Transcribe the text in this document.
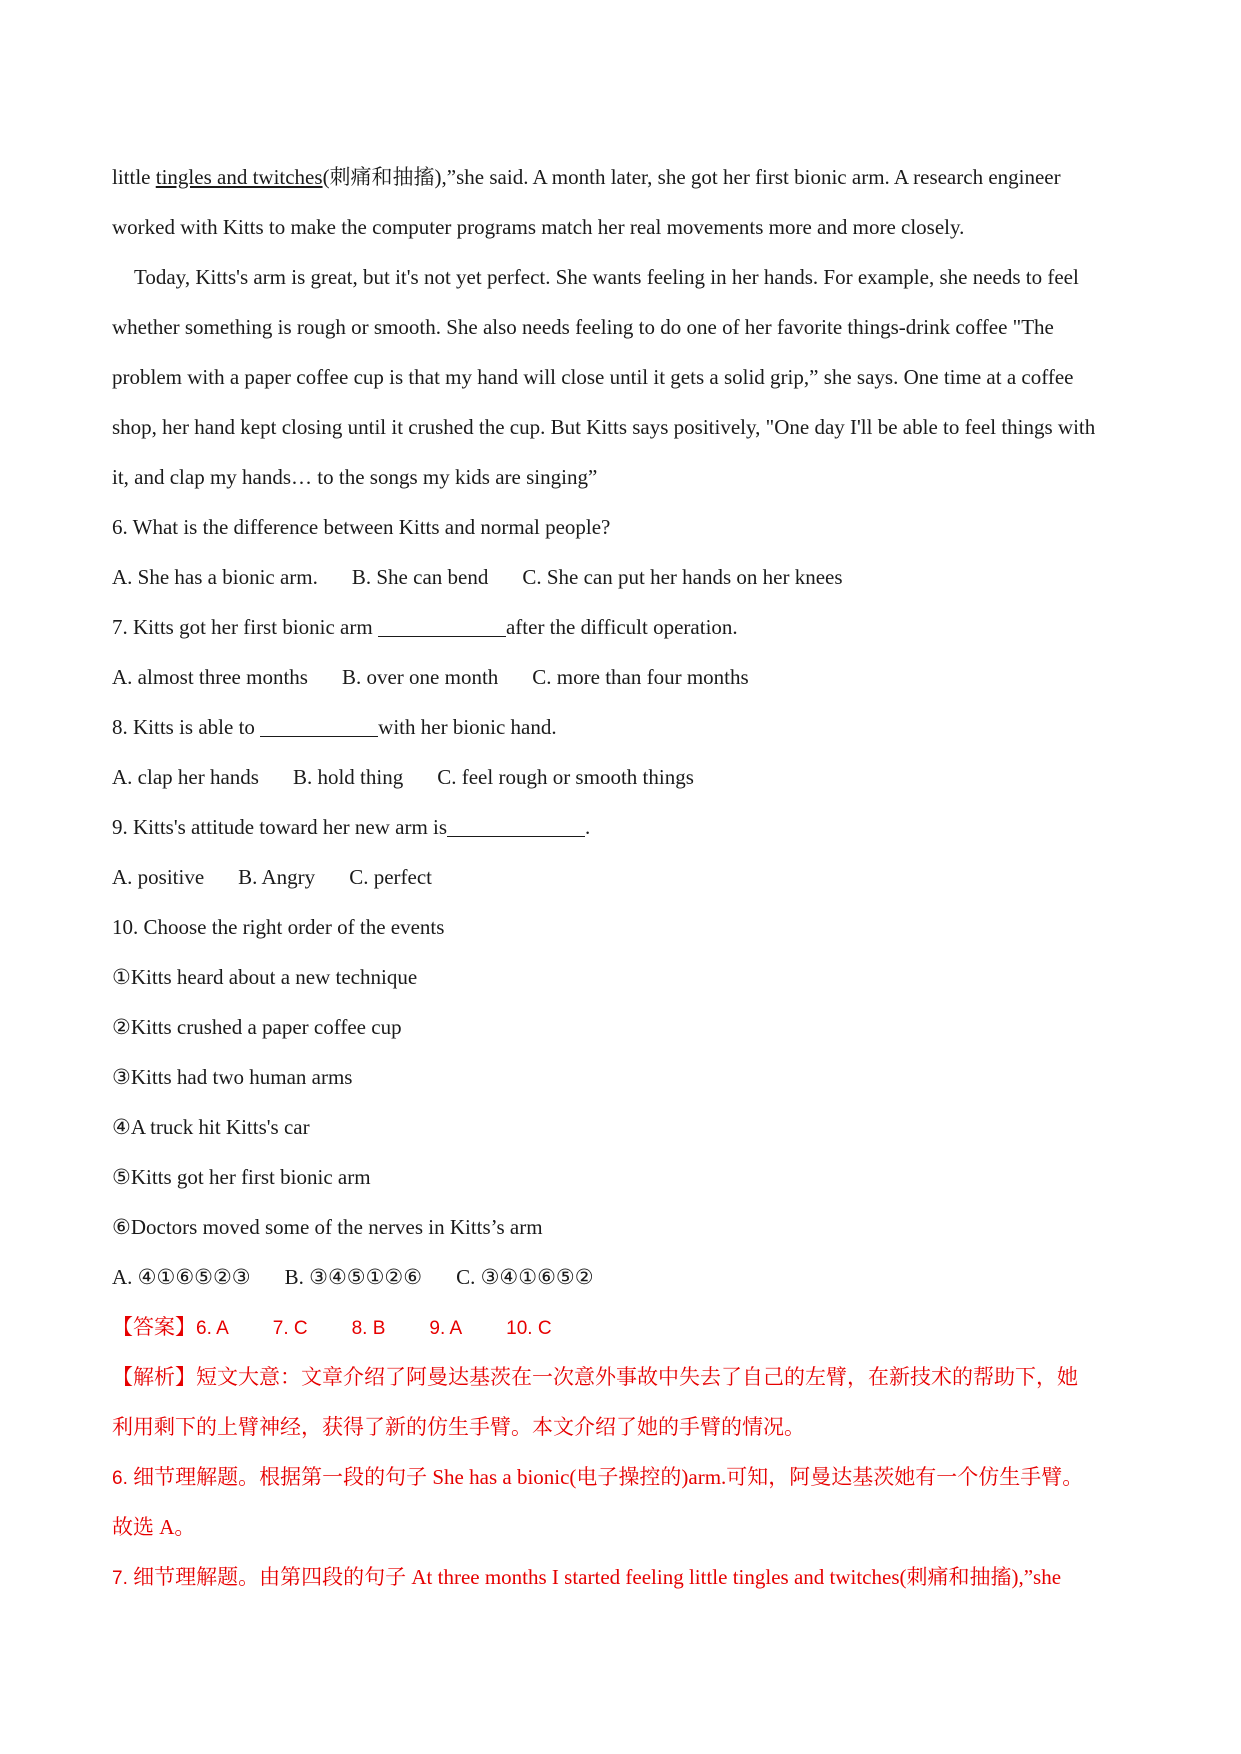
little tingles and twitches(刺痛和抽搐),”she said. A month later, she got her first bionic arm. A research engineer
worked with Kitts to make the computer programs match her real movements more and more closely.
Today, Kitts's arm is great, but it's not yet perfect. She wants feeling in her hands. For example, she needs to feel
whether something is rough or smooth. She also needs feeling to do one of her favorite things-drink coffee "The
problem with a paper coffee cup is that my hand will close until it gets a solid grip,” she says. One time at a coffee
shop, her hand kept closing until it crushed the cup. But Kitts says positively, "One day I'll be able to feel things with
it, and clap my hands… to the songs my kids are singing”
6. What is the difference between Kitts and normal people?
A. She has a bionic arm. B. She can bend C. She can put her hands on her knees
7. Kitts got her first bionic arm	after the difficult operation.
A. almost three months B. over one month C. more than four months
8. Kitts is able to	with her bionic hand.
A. clap her hands B. hold thing C. feel rough or smooth things
9. Kitts's attitude toward her new arm is	.
A. positive B. Angry C. perfect
10. Choose the right order of the events
①Kitts heard about a new technique
②Kitts crushed a paper coffee cup
③Kitts had two human arms
④A truck hit Kitts's car
⑤Kitts got her first bionic arm
⑥Doctors moved some of the nerves in Kitts’s arm
A. ④①⑥⑤②③ B. ③④⑤①②⑥ C. ③④①⑥⑤②
【答案】6. A 7. C 8. B 9. A 10. C
【解析】短文大意：文章介绍了阿曼达基茨在一次意外事故中失去了自己的左臂，在新技术的帮助下，她
利用剩下的上臂神经，获得了新的仿生手臂。本文介绍了她的手臂的情况。
6. 细节理解题。根据第一段的句子 She has a bionic(电子操控的)arm.可知，阿曼达基茨她有一个仿生手臂。
故选 A。
7. 细节理解题。由第四段的句子 At three months I started feeling little tingles and twitches(刺痛和抽搐),”she
